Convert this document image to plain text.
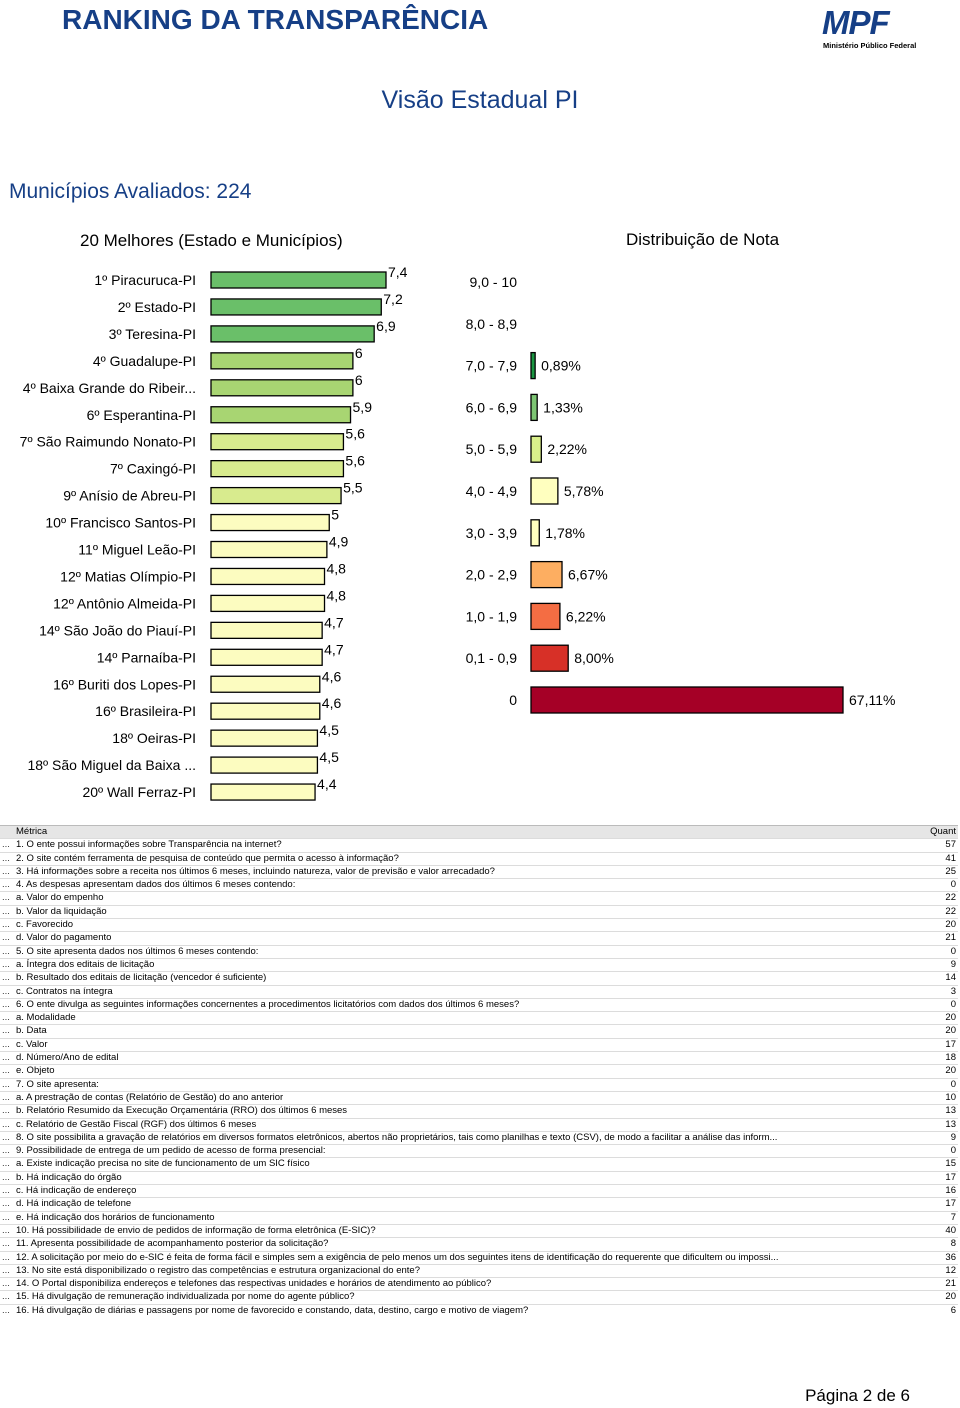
RANKING DA TRANSPARÊNCIA	MPF
Ministério Público Federal
Visão Estadual PI
Municípios Avaliados: 224
20 Melhores (Estado e Municípios)	Distribuição de Nota
1º Piracuruca-PI	7,4
2º Estado-PI	7,2
3º Teresina-PI	6,9
4º Guadalupe-PI	6
4º Baixa Grande do Ribeir...	6
6º Esperantina-PI	5,9
7º São Raimundo Nonato-PI	5,6
7º Caxingó-PI	5,6
9º Anísio de Abreu-PI	5,5
10º Francisco Santos-PI	5
11º Miguel Leão-PI	4,9
12º Matias Olímpio-PI	4,8
12º Antônio Almeida-PI	4,8
14º São João do Piauí-PI	4,7
14º Parnaíba-PI	4,7
16º Buriti dos Lopes-PI	4,6
16º Brasileira-PI	4,6
18º Oeiras-PI	4,5
18º São Miguel da Baixa ...	4,5
20º Wall Ferraz-PI	4,4
9,0 - 10
8,0 - 8,9
7,0 - 7,9 0,89%
6,0 - 6,9 1,33%
5,0 - 5,9 2,22%
4,0 - 4,9	5,78%
3,0 - 3,9 1,78%
2,0 - 2,9	6,67%
1,0 - 1,9	6,22%
0,1 - 0,9	8,00%
0	67,11%
	Métrica	Quant
...	1. O ente possui informações sobre Transparência na internet?	57
...	2. O site contém ferramenta de pesquisa de conteúdo que permita o acesso à informação?	41
...	3. Há informações sobre a receita nos últimos 6 meses, incluindo natureza, valor de previsão e valor arrecadado?	25
...	4. As despesas apresentam dados dos últimos 6 meses contendo:	0
...	a. Valor do empenho	22
...	b. Valor da liquidação	22
...	c. Favorecido	20
...	d. Valor do pagamento	21
...	5. O site apresenta dados nos últimos 6 meses contendo:	0
...	a. Íntegra dos editais de licitação	9
...	b. Resultado dos editais de licitação (vencedor é suficiente)	14
...	c. Contratos na íntegra	3
...	6. O ente divulga as seguintes informações concernentes a procedimentos licitatórios com dados dos últimos 6 meses?	0
...	a. Modalidade	20
...	b. Data	20
...	c. Valor	17
...	d. Número/Ano de edital	18
...	e. Objeto	20
...	7. O site apresenta:	0
...	a. A prestração de contas (Relatório de Gestão) do ano anterior	10
...	b. Relatório Resumido da Execução Orçamentária (RRO) dos últimos 6 meses	13
...	c. Relatório de Gestão Fiscal (RGF) dos últimos 6 meses	13
...	8. O site possibilita a gravação de relatórios em diversos formatos eletrônicos, abertos não proprietários, tais como planilhas e texto (CSV), de modo a facilitar a análise das inform...	9
...	9. Possibilidade de entrega de um pedido de acesso de forma presencial:	0
...	a. Existe indicação precisa no site de funcionamento de um SIC físico	15
...	b. Há indicação do órgão	17
...	c. Há indicação de endereço	16
...	d. Há indicação de telefone	17
...	e. Há indicação dos horários de funcionamento	7
...	10. Há possibilidade de envio de pedidos de informação de forma eletrônica (E-SIC)?	40
...	11. Apresenta possibilidade de acompanhamento posterior da solicitação?	8
...	12. A solicitação por meio do e-SIC é feita de forma fácil e simples sem a exigência de pelo menos um dos seguintes itens de identificação do requerente que dificultem ou impossi...	36
...	13. No site está disponibilizado o registro das competências e estrutura organizacional do ente?	12
...	14. O Portal disponibiliza endereços e telefones das respectivas unidades e horários de atendimento ao público?	21
...	15. Há divulgação de remuneração individualizada por nome do agente público?	20
...	16. Há divulgação de diárias e passagens por nome de favorecido e constando, data, destino, cargo e motivo de viagem?	6
Página 2 de 6
